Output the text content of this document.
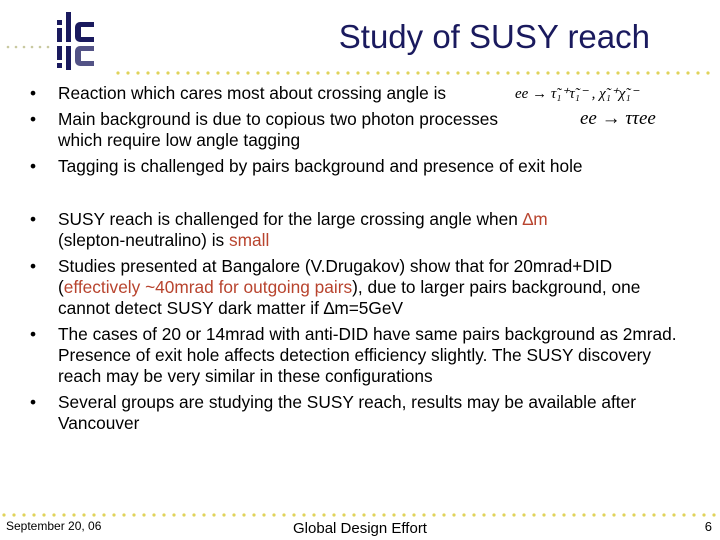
Study of SUSY reach
• Reaction which cares most about crossing angle is
• Main background is due to copious two photon processes
which require low angle tagging
• Tagging is challenged by pairs background and presence of exit hole
ee → τ̃₁⁺τ̃₁⁻ , χ̃₁⁺χ̃₁⁻
ee → ττee
• SUSY reach is challenged for the large crossing angle when ∆m
(slepton-neutralino) is small
• Studies presented at Bangalore (V.Drugakov) show that for 20mrad+DID (effectively ~40mrad for outgoing pairs), due to larger pairs background, one cannot detect SUSY dark matter if ∆m=5GeV
• The cases of 20 or 14mrad with anti-DID have same pairs background as 2mrad. Presence of exit hole affects detection efficiency slightly. The SUSY discovery reach may be very similar in these configurations
• Several groups are studying the SUSY reach, results may be available after Vancouver
September 20, 06	Global Design Effort	6
